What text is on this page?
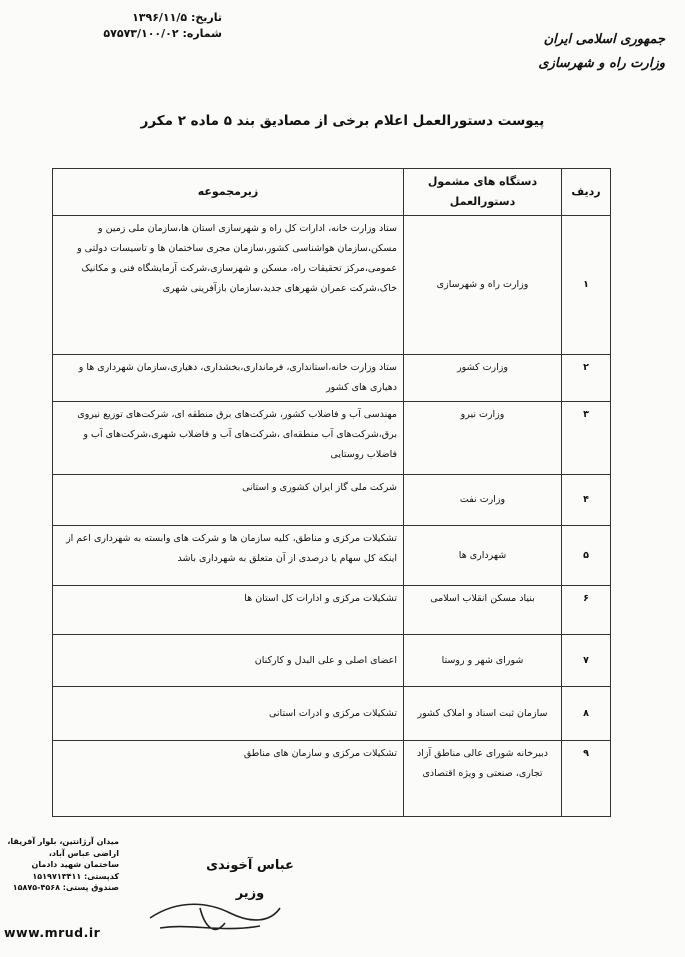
تاریخ: ۱۳۹۶/۱۱/۵
شماره: ۵۷۵۷۳/۱۰۰/۰۲	جمهوری اسلامی ایران
وزارت راه و شهرسازی
پیوست دستورالعمل اعلام برخی از مصادیق بند ۵ ماده ۲ مکرر
ردیف	دستگاه های مشمول دستورالعمل	زیرمجموعه
۱	وزارت راه و شهرسازی	ستاد وزارت خانه، ادارات کل راه و شهرسازی استان ها،سازمان ملی زمین و مسکن،سازمان هواشناسی کشور،سازمان مجری ساختمان ها و تاسیسات دولتی و عمومی،مرکز تحقیقات راه، مسکن و شهرسازی،شرکت آزمایشگاه فنی و مکانیک خاک،شرکت عمران شهرهای جدید،سازمان بازآفرینی شهری
۲	وزارت کشور	ستاد وزارت خانه،استانداری، فرمانداری،بخشداری، دهیاری،سازمان شهرداری ها و دهیاری های کشور
۳	وزارت نیرو	مهندسی آب و فاضلاب کشور، شرکت‌های برق منطقه ای، شرکت‌های توزیع نیروی برق،شرکت‌های آب منطقه‌ای ،شرکت‌های آب و فاضلاب شهری،شرکت‌های آب و فاضلاب روستایی
۴	وزارت نفت	شرکت ملی گاز ایران کشوری و استانی
۵	شهرداری ها	تشکیلات مرکزی و مناطق، کلیه سازمان ها و شرکت های وابسته به شهرداری اعم از اینکه کل سهام یا درصدی از آن متعلق به شهرداری باشد
۶	بنیاد مسکن انقلاب اسلامی	تشکیلات مرکزی و ادارات کل استان ها
۷	شورای شهر و روستا	اعضای اصلی و علی البدل و کارکنان
۸	سازمان ثبت اسناد و املاک کشور	تشکیلات مرکزی و ادرات استانی
۹	دبیرخانه شورای عالی مناطق آزاد تجاری، صنعتی و ویژه اقتصادی	تشکیلات مرکزی و سازمان های مناطق
میدان آرژانتین، بلوار آفریقا،
اراضی عباس آباد،
ساختمان شهید دادمان
کدپستی: ۱۵۱۹۷۱۳۴۱۱
صندوق پستی: ۴۵۶۸-۱۵۸۷۵
www.mrud.ir
عباس آخوندی
وزیر
